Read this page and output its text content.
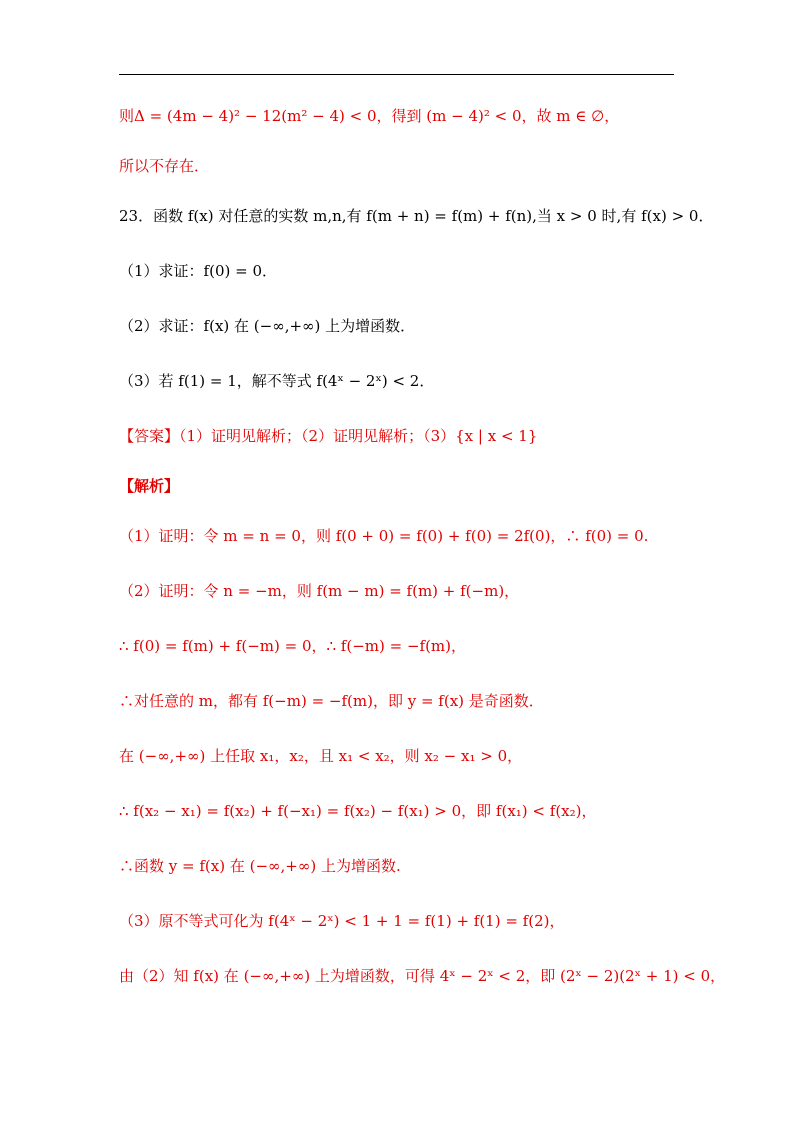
则Δ = (4m − 4)² − 12(m² − 4) < 0，得到 (m − 4)² < 0，故 m ∈ ∅，
所以不存在．
23．函数 f(x) 对任意的实数 m,n,有 f(m + n) = f(m) + f(n),当 x > 0 时,有 f(x) > 0．
（1）求证：f(0) = 0．
（2）求证：f(x) 在 (−∞,+∞) 上为增函数．
（3）若 f(1) = 1，解不等式 f(4ˣ − 2ˣ) < 2．
【答案】（1）证明见解析；（2）证明见解析；（3）{x | x < 1}
【解析】
（1）证明：令 m = n = 0，则 f(0 + 0) = f(0) + f(0) = 2f(0)，∴ f(0) = 0.
（2）证明：令 n = −m，则 f(m − m) = f(m) + f(−m)，
∴ f(0) = f(m) + f(−m) = 0，∴ f(−m) = −f(m)，
∴对任意的 m，都有 f(−m) = −f(m)，即 y = f(x) 是奇函数．
在 (−∞,+∞) 上任取 x₁，x₂，且 x₁ < x₂，则 x₂ − x₁ > 0，
∴ f(x₂ − x₁) = f(x₂) + f(−x₁) = f(x₂) − f(x₁) > 0，即 f(x₁) < f(x₂)，
∴函数 y = f(x) 在 (−∞,+∞) 上为增函数.
（3）原不等式可化为 f(4ˣ − 2ˣ) < 1 + 1 = f(1) + f(1) = f(2)，
由（2）知 f(x) 在 (−∞,+∞) 上为增函数，可得 4ˣ − 2ˣ < 2，即 (2ˣ − 2)(2ˣ + 1) < 0，
